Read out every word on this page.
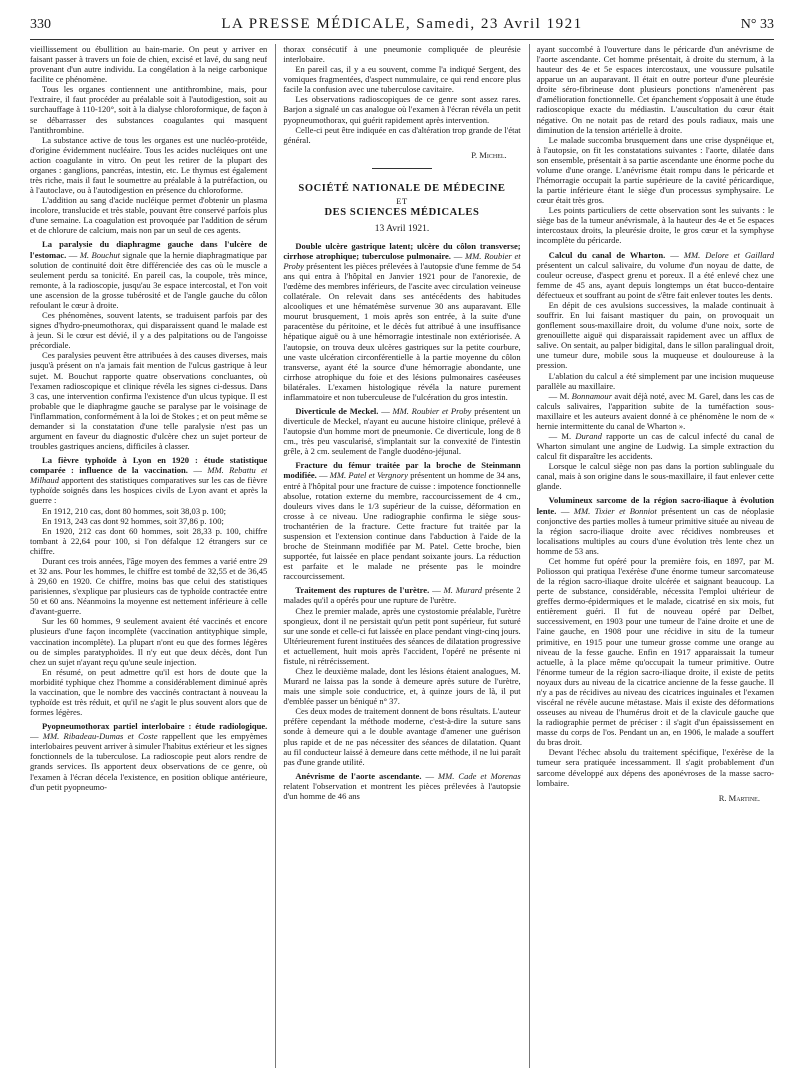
330	LA PRESSE MÉDICALE, Samedi, 23 Avril 1921	N° 33

vieillissement ou ébullition au bain-marie. On peut y arriver en faisant passer à travers un foie de chien, excisé et lavé, du sang neuf provenant d'un autre individu. La congélation à la neige carbonique facilite ce phénomène.

Tous les organes contiennent une antithrombine, mais, pour l'extraire, il faut procéder au préalable soit à l'autodigestion, soit au surchauffage à 110-120°, soit à la dialyse chloroformique, de façon à se débarrasser des substances coagulantes qui masquent l'antithrombine.

La substance active de tous les organes est une nucléo-protéide, d'origine évidemment nucléaire. Tous les acides nucléiques ont une action coagulante in vitro. On peut les retirer de la plupart des organes : ganglions, pancréas, intestin, etc. Le thymus est également très riche, mais il faut le soumettre au préalable à la putréfaction, ou à l'autoclave, ou à l'autodigestion en présence du chloroforme.

L'addition au sang d'acide nucléique permet d'obtenir un plasma incolore, translucide et très stable, pouvant être conservé parfois plus d'une semaine. La coagulation est provoquée par l'addition de sérum et de chlorure de calcium, mais non par un seul de ces agents.

La paralysie du diaphragme gauche dans l'ulcère de l'estomac. — M. Bouchut signale que la hernie diaphragmatique par solution de continuité doit être différenciée des cas où le muscle a seulement perdu sa tonicité. En pareil cas, la coupole, très mince, remonte, à la radioscopie, jusqu'au 3e espace intercostal, et l'on voit une ascension de la grosse tubérosité et de l'angle gauche du côlon refoulant le cœur à droite.

Ces phénomènes, souvent latents, se traduisent parfois par des signes d'hydro-pneumothorax, qui disparaissent quand le malade est à jeun. Si le cœur est dévié, il y a des palpitations ou de l'angoisse précordiale.

Ces paralysies peuvent être attribuées à des causes diverses, mais jusqu'à présent on n'a jamais fait mention de l'ulcus gastrique à leur sujet. M. Bouchut rapporte quatre observations concluantes, où l'examen radioscopique et clinique révéla les signes ci-dessus. Dans 3 cas, une intervention confirma l'existence d'un ulcus typique. Il est probable que le diaphragme gauche se paralyse par le voisinage de l'inflammation, conformément à la loi de Stokes ; et on peut même se demander si la constatation d'une telle paralysie n'est pas un argument en faveur du diagnostic d'ulcère chez un sujet porteur de troubles gastriques anciens, difficiles à classer.

La fièvre typhoïde à Lyon en 1920 : étude statistique comparée : influence de la vaccination. — MM. Rebattu et Milhaud apportent des statistiques comparatives sur les cas de fièvre typhoïde soignés dans les hospices civils de Lyon avant et après la guerre :

En 1912, 210 cas, dont 80 hommes, soit 38,03 p. 100;

En 1913, 243 cas dont 92 hommes, soit 37,86 p. 100;

En 1920, 212 cas dont 60 hommes, soit 28,33 p. 100, chiffre tombant à 22,64 pour 100, si l'on défalque 12 étrangers sur ce chiffre.

Durant ces trois années, l'âge moyen des femmes a varié entre 29 et 32 ans. Pour les hommes, le chiffre est tombé de 32,55 et de 36,45 à 29,60 en 1920. Ce chiffre, moins bas que celui des statistiques parisiennes, s'explique par plusieurs cas de typhoïde contractée entre 50 et 60 ans. Néanmoins la moyenne est nettement inférieure à celle d'avant-guerre.

Sur les 60 hommes, 9 seulement avaient été vaccinés et encore plusieurs d'une façon incomplète (vaccination antityphique simple, vaccination incomplète). La plupart n'ont eu que des formes légères ou de simples paratyphoïdes. Il n'y eut que deux décès, dont l'un chez un sujet n'ayant reçu qu'une seule injection.

En résumé, on peut admettre qu'il est hors de doute que la morbidité typhique chez l'homme a considérablement diminué après la vaccination, que le nombre des vaccinés contractant à nouveau la typhoïde est très réduit, et qu'il ne s'agit le plus souvent alors que de formes légères.

Pyopneumothorax partiel interlobaire : étude radiologique. — MM. Ribadeau-Dumas et Coste rappellent que les empyèmes interlobaires peuvent arriver à simuler l'habitus extérieur et les signes fonctionnels de la tuberculose. La radioscopie peut alors rendre de grands services. Ils apportent deux observations de ce genre, où l'examen à l'écran décela l'existence, en position oblique antérieure, d'un petit pyopneumo-

thorax consécutif à une pneumonie compliquée de pleurésie interlobaire.

En pareil cas, il y a eu souvent, comme l'a indiqué Sergent, des vomiques fragmentées, d'aspect nummulaire, ce qui rend encore plus facile la confusion avec une tuberculose cavitaire.

Les observations radioscopiques de ce genre sont assez rares. Barjon a signalé un cas analogue où l'examen à l'écran révéla un petit pyopneumothorax, qui guérit rapidement après intervention.

Celle-ci peut être indiquée en cas d'altération trop grande de l'état général.

P. Michel.
SOCIÉTÉ NATIONALE DE MÉDECINE
ET
DES SCIENCES MÉDICALES
13 Avril 1921.

Double ulcère gastrique latent; ulcère du côlon transverse; cirrhose atrophique; tuberculose pulmonaire. — MM. Roubier et Proby présentent les pièces prélevées à l'autopsie d'une femme de 54 ans qui entra à l'hôpital en Janvier 1921 pour de l'anorexie, de l'œdème des membres inférieurs, de l'ascite avec circulation veineuse collatérale. On relevait dans ses antécédents des habitudes alcooliques et une hématémèse survenue 30 ans auparavant. Elle mourut brusquement, 1 mois après son entrée, à la suite d'une paracentèse du péritoine, et le décès fut attribué à une insuffisance hépatique aiguë ou à une hémorragie intestinale non extériorisée. A l'autopsie, on trouva deux ulcères gastriques sur la petite courbure, une vaste ulcération circonférentielle à la partie moyenne du côlon transverse, ayant été la source d'une hémorragie abondante, une cirrhose atrophique du foie et des lésions pulmonaires caséeuses bilatérales. L'examen histologique révéla la nature purement inflammatoire et non tuberculeuse de l'ulcération du gros intestin.

Diverticule de Meckel. — MM. Roubier et Proby présentent un diverticule de Meckel, n'ayant eu aucune histoire clinique, prélevé à l'autopsie d'un homme mort de pneumonie. Ce diverticule, long de 8 cm., très peu vascularisé, s'implantait sur la convexité de l'intestin grêle, à 2 cm. seulement de l'angle duodéno-jéjunal.

Fracture du fémur traitée par la broche de Steinmann modifiée. — MM. Patel et Vergnory présentent un homme de 34 ans, entré à l'hôpital pour une fracture de cuisse : impotence fonctionnelle absolue, rotation externe du membre, raccourcissement de 4 cm., douleurs vives dans le 1/3 supérieur de la cuisse, déformation en crosse à ce niveau. Une radiographie confirma le siège sous-trochantérien de la fracture. Cette fracture fut traitée par la suspension et l'extension continue dans l'abduction à l'aide de la broche de Steinmann modifiée par M. Patel. Cette broche, bien supportée, fut laissée en place pendant soixante jours. La réduction est parfaite et le malade ne présente pas le moindre raccourcissement.

Traitement des ruptures de l'urètre. — M. Murard présente 2 malades qu'il a opérés pour une rupture de l'urètre.

Chez le premier malade, après une cystostomie préalable, l'urètre spongieux, dont il ne persistait qu'un petit pont supérieur, fut suturé sur une sonde et celle-ci fut laissée en place pendant vingt-cinq jours. Ultérieurement furent instituées des séances de dilatation progressive et actuellement, huit mois après l'accident, l'opéré ne présente ni fistule, ni rétrécissement.

Chez le deuxième malade, dont les lésions étaient analogues, M. Murard ne laissa pas la sonde à demeure après suture de l'urètre, mais une simple soie conductrice, et, à quinze jours de là, il put d'emblée passer un béniqué n° 37.

Ces deux modes de traitement donnent de bons résultats. L'auteur préfère cependant la méthode moderne, c'est-à-dire la suture sans sonde à demeure qui a le double avantage d'amener une guérison plus rapide et de ne pas nécessiter des séances de dilatation. Quant au fil conducteur laissé à demeure dans cette méthode, il ne lui paraît pas d'une grande utilité.

Anévrisme de l'aorte ascendante. — MM. Cade et Morenas relatent l'observation et montrent les pièces prélevées à l'autopsie d'un homme de 46 ans

ayant succombé à l'ouverture dans le péricarde d'un anévrisme de l'aorte ascendante. Cet homme présentait, à droite du sternum, à la hauteur des 4e et 5e espaces intercostaux, une voussure pulsatile apparue un an auparavant. Il était en outre porteur d'une pleurésie droite séro-fibrineuse dont plusieurs ponctions n'amenèrent pas d'amélioration fonctionnelle. Cet épanchement s'opposait à une étude radioscopique exacte du médiastin. L'auscultation du cœur était négative. On ne notait pas de retard des pouls radiaux, mais une diminution de la tension artérielle à droite.

Le malade succomba brusquement dans une crise dyspnéique et, à l'autopsie, on fit les constatations suivantes : l'aorte, dilatée dans son ensemble, présentait à sa partie ascendante une énorme poche du volume d'une orange. L'anévrisme était rompu dans le péricarde et l'hémorragie occupait la partie supérieure de la cavité péricardique, la partie inférieure étant le siège d'un processus symphysaire. Le cœur était très gros.

Les points particuliers de cette observation sont les suivants : le siège bas de la tumeur anévrismale, à la hauteur des 4e et 5e espaces intercostaux droits, la pleurésie droite, le gros cœur et la symphyse incomplète du péricarde.

Calcul du canal de Wharton. — MM. Delore et Gaillard présentent un calcul salivaire, du volume d'un noyau de datte, de couleur ocreuse, d'aspect grenu et poreux. Il a été enlevé chez une femme de 45 ans, ayant depuis longtemps un état bucco-dentaire défectueux et souffrant au point de s'être fait enlever toutes les dents.

En dépit de ces avulsions successives, la malade continuait à souffrir. En lui faisant mastiquer du pain, on provoquait un gonflement sous-maxillaire droit, du volume d'une noix, sorte de grenouillette aiguë qui disparaissait rapidement avec un afflux de salive. On sentait, au palper bidigital, dans le sillon paralingual droit, une tumeur dure, mobile sous la muqueuse et douloureuse à la pression.

L'ablation du calcul a été simplement par une incision muqueuse parallèle au maxillaire.

— M. Bonnamour avait déjà noté, avec M. Garel, dans les cas de calculs salivaires, l'apparition subite de la tuméfaction sous-maxillaire et les auteurs avaient donné à ce phénomène le nom de « hernie intermittente du canal de Wharton ».

— M. Durand rapporte un cas de calcul infecté du canal de Wharton simulant une angine de Ludwig. La simple extraction du calcul fit disparaître les accidents.

Lorsque le calcul siège non pas dans la portion sublinguale du canal, mais à son origine dans le sous-maxillaire, il faut enlever cette glande.

Volumineux sarcome de la région sacro-iliaque à évolution lente. — MM. Tixier et Bonniot présentent un cas de néoplasie conjonctive des parties molles à tumeur primitive située au niveau de la région sacro-iliaque droite avec récidives nombreuses et localisations multiples au cours d'une évolution très lente chez un homme de 53 ans.

Cet homme fut opéré pour la première fois, en 1897, par M. Poliosson qui pratiqua l'exérèse d'une énorme tumeur sarcomateuse de la région sacro-iliaque droite ulcérée et saignant beaucoup. La perte de substance, considérable, nécessita l'emploi ultérieur de greffes dermo-épidermiques et le malade, cicatrisé en six mois, fut entièrement guéri. Il fut de nouveau opéré par Delbet, successivement, en 1903 pour une tumeur de l'aine droite et une de l'aine gauche, en 1908 pour une récidive in situ de la tumeur primitive, en 1915 pour une tumeur grosse comme une orange au niveau de la fesse gauche. Enfin en 1917 apparaissait la tumeur actuelle, à la place même qu'occupait la tumeur primitive. Outre l'énorme tumeur de la région sacro-iliaque droite, il existe de petits noyaux durs au niveau de la cicatrice ancienne de la fesse gauche. Il n'y a pas de récidives au niveau des cicatrices inguinales et l'examen viscéral ne révèle aucune métastase. Mais il existe des déformations osseuses au niveau de l'humérus droit et de la clavicule gauche que la radiographie permet de préciser : il s'agit d'un épaississement en masse du corps de l'os. Pendant un an, en 1906, le malade a souffert du bras droit.

Devant l'échec absolu du traitement spécifique, l'exérèse de la tumeur sera pratiquée incessamment. Il s'agit probablement d'un sarcome développé aux dépens des aponévroses de la masse sacro-lombaire.

R. Martine.
